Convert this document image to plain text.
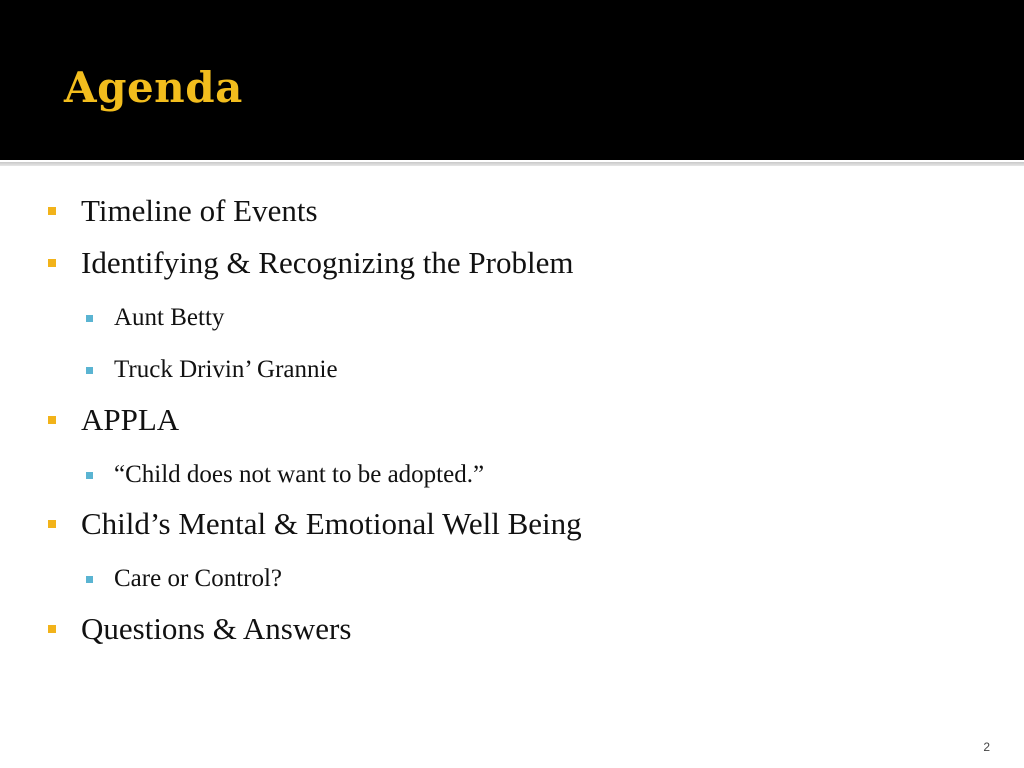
Agenda
Timeline of Events
Identifying & Recognizing the Problem
Aunt Betty
Truck Drivin’ Grannie
APPLA
“Child does not want to be adopted.”
Child’s Mental & Emotional Well Being
Care or Control?
Questions & Answers
2
